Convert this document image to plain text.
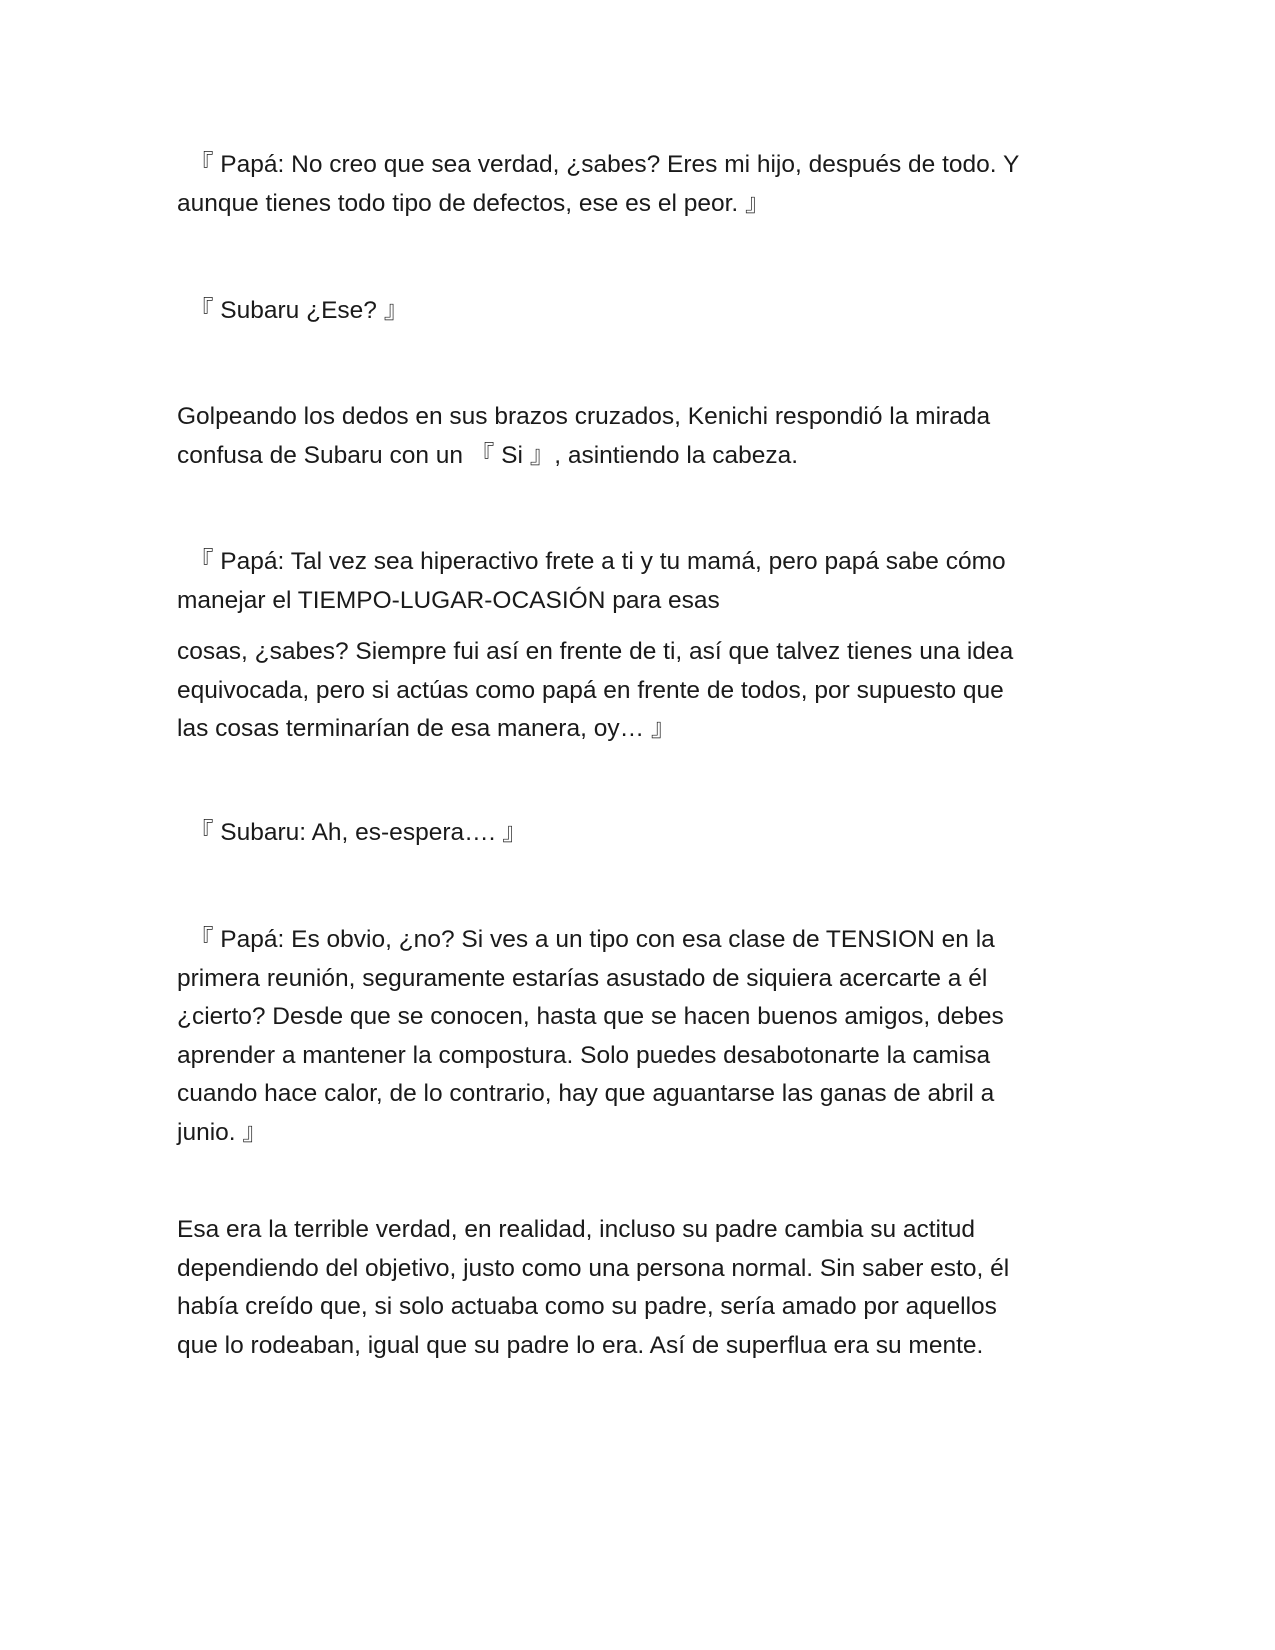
『 Papá: No creo que sea verdad, ¿sabes? Eres mi hijo, después de todo. Y
aunque tienes todo tipo de defectos, ese es el peor. 』

『 Subaru ¿Ese? 』

Golpeando los dedos en sus brazos cruzados, Kenichi respondió la mirada
confusa de Subaru con un 『 Si 』, asintiendo la cabeza.

『 Papá: Tal vez sea hiperactivo frete a ti y tu mamá, pero papá sabe cómo
manejar el TIEMPO-LUGAR-OCASIÓN para esas

cosas, ¿sabes? Siempre fui así en frente de ti, así que talvez tienes una idea
equivocada, pero si actúas como papá en frente de todos, por supuesto que
las cosas terminarían de esa manera, oy… 』

『 Subaru: Ah, es-espera…. 』

『 Papá: Es obvio, ¿no? Si ves a un tipo con esa clase de TENSION en la
primera reunión, seguramente estarías asustado de siquiera acercarte a él
¿cierto? Desde que se conocen, hasta que se hacen buenos amigos, debes
aprender a mantener la compostura. Solo puedes desabotonarte la camisa
cuando hace calor, de lo contrario, hay que aguantarse las ganas de abril a
junio. 』

Esa era la terrible verdad, en realidad, incluso su padre cambia su actitud
dependiendo del objetivo, justo como una persona normal. Sin saber esto, él
había creído que, si solo actuaba como su padre, sería amado por aquellos
que lo rodeaban, igual que su padre lo era. Así de superflua era su mente.
